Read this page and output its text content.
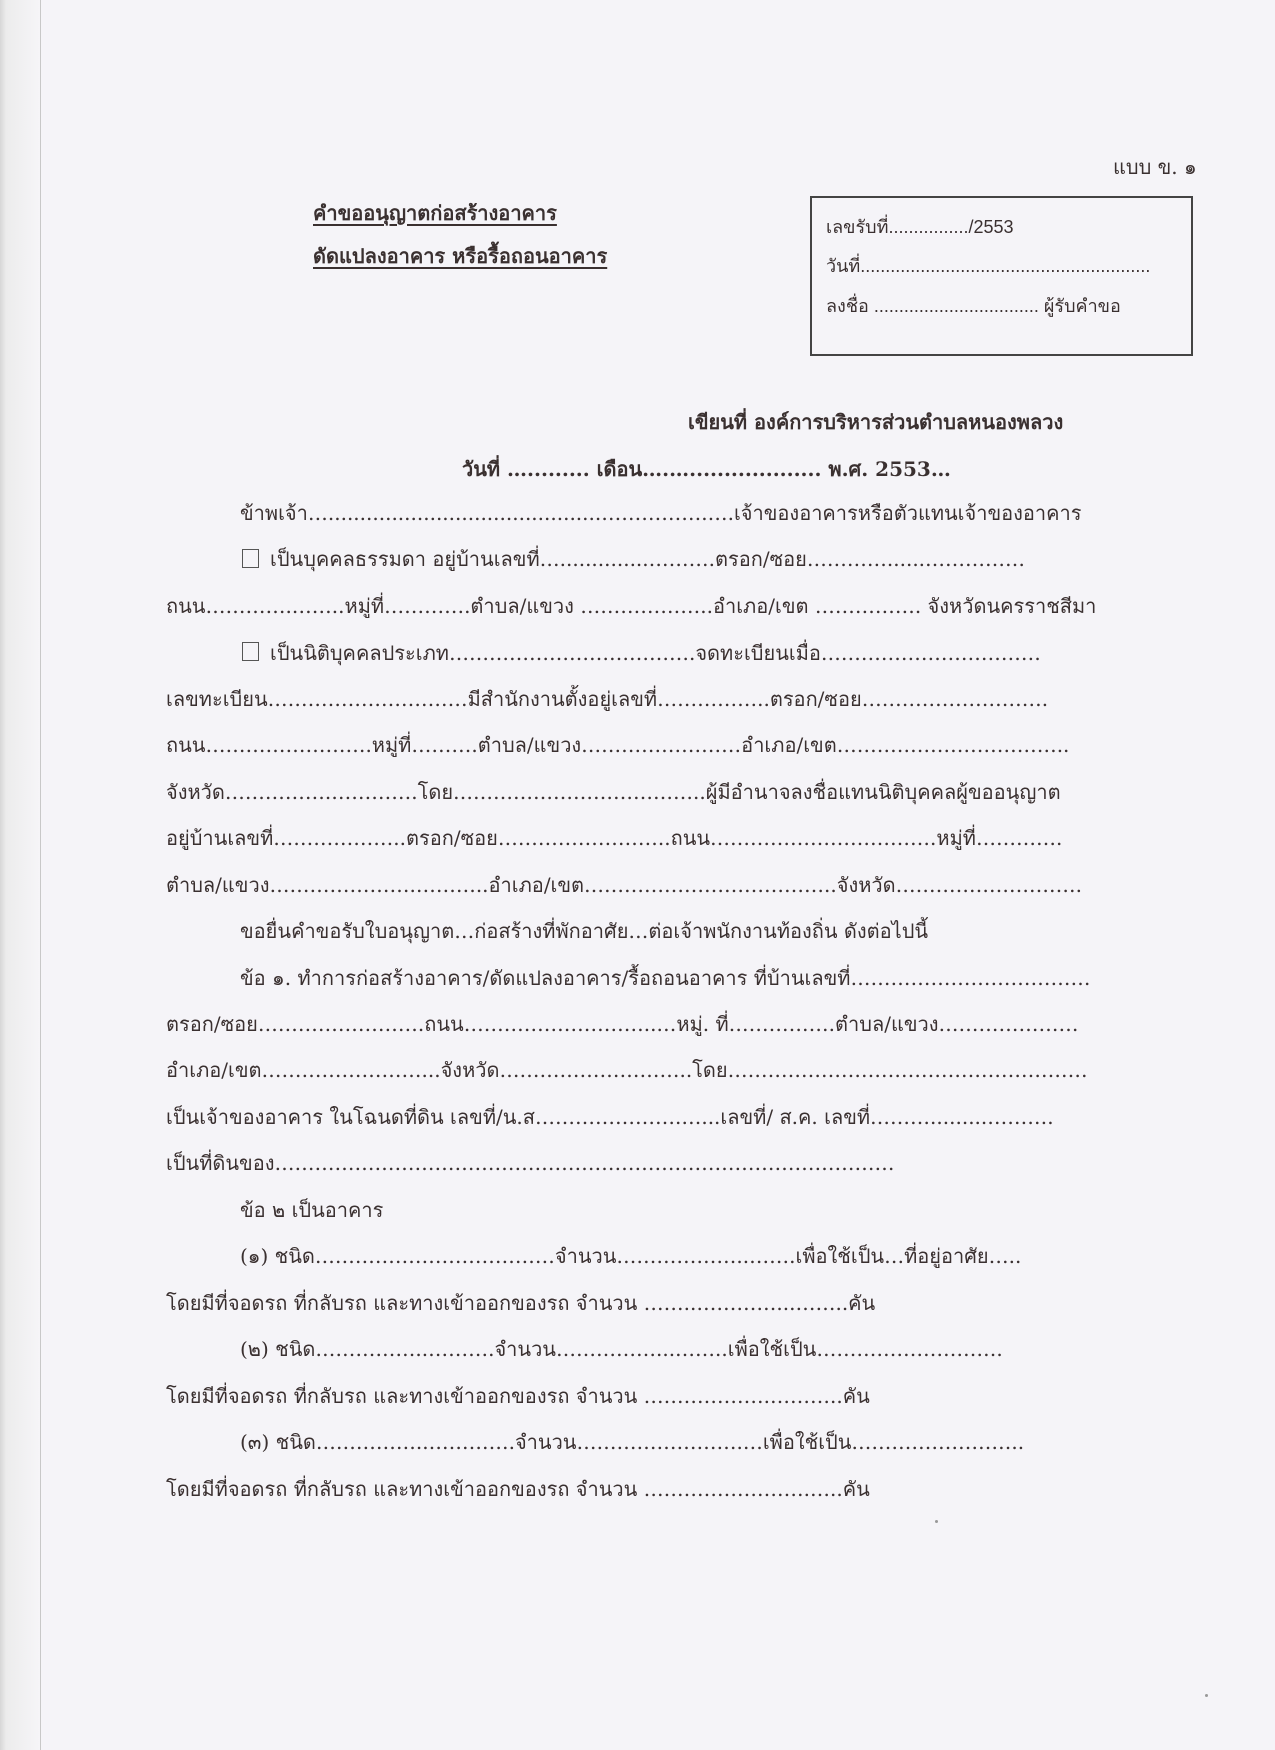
แบบ ข. ๑
คำขออนุญาตก่อสร้างอาคาร
ดัดแปลงอาคาร หรือรื้อถอนอาคาร
เลขรับที่................/2553
วันที่..........................................................
ลงชื่อ ................................. ผู้รับคำขอ
เขียนที่ องค์การบริหารส่วนตำบลหนองพลวง
วันที่ …......... เดือน….…................... พ.ศ. 2553…
ข้าพเจ้า…...........................................…………….….เจ้าของอาคารหรือตัวแทนเจ้าของอาคาร
เป็นบุคคลธรรมดา อยู่บ้านเลขที่…..............……….ตรอก/ซอย…………......……………
ถนน………….……..หมู่ที่………….ตำบล/แขวง ………………..อำเภอ/เขต ……………. จังหวัดนครราชสีมา
เป็นนิติบุคคลประเภท……………………………….จดทะเบียนเมื่อ……………………………
เลขทะเบียน…………………………มีสำนักงานตั้งอยู่เลขที่……………..ตรอก/ซอย……………………….
ถนน…………………….หมู่ที่……….ตำบล/แขวง……………………อำเภอ/เขต……………………………..
จังหวัด…………….………….โดย………………………………..ผู้มีอำนาจลงชื่อแทนนิติบุคคลผู้ขออนุญาต
อยู่บ้านเลขที่………………..ตรอก/ซอย……………………..ถนน…………………………….หมู่ที่………….
ตำบล/แขวง………………….………..อำเภอ/เขต………………………………..จังหวัด……………………….
ขอยื่นคำขอรับใบอนุญาต…ก่อสร้างที่พักอาศัย…ต่อเจ้าพนักงานท้องถิ่น ดังต่อไปนี้
ข้อ ๑. ทำการก่อสร้างอาคาร/ดัดแปลงอาคาร/รื้อถอนอาคาร ที่บ้านเลขที่………………………………
ตรอก/ซอย…………………….ถนน………………………..…หมู่. ที่…………….ตำบล/แขวง…………………
อำเภอ/เขต……………………...จังหวัด………………………..โดย………………………………………………
เป็นเจ้าของอาคาร ในโฉนดที่ดิน เลขที่/น.ส………………….…...เลขที่/ ส.ค. เลขที่……….........……….
เป็นที่ดินของ…………………………………………………………………………………
ข้อ ๒ เป็นอาคาร
(๑) ชนิด………………………………จำนวน………………..…….เพื่อใช้เป็น…ที่อยู่อาศัย…..
โดยมีที่จอดรถ ที่กลับรถ และทางเข้าออกของรถ จำนวน ……..…………...……..คัน
(๒) ชนิด……………..……….จำนวน……………...……..เพื่อใช้เป็น……………………….
โดยมีที่จอดรถ ที่กลับรถ และทางเข้าออกของรถ จำนวน ……………….………..คัน
(๓) ชนิด……………..………….จำนวน…………………….…เพื่อใช้เป็น……………………..
โดยมีที่จอดรถ ที่กลับรถ และทางเข้าออกของรถ จำนวน …………………….…..คัน
